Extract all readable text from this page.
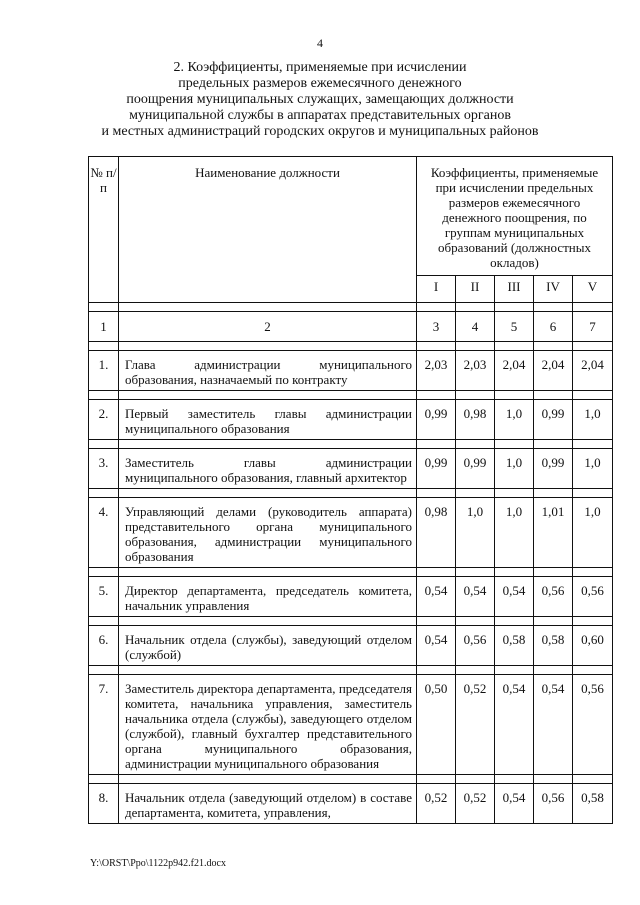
4
2. Коэффициенты, применяемые при исчислении
предельных размеров ежемесячного денежного
поощрения муниципальных служащих, замещающих должности
муниципальной службы в аппаратах представительных органов
и местных администраций городских округов и муниципальных районов
№ п/п	Наименование должности	Коэффициенты, применяемые при исчислении предельных размеров ежемесячного денежного поощрения, по группам муниципальных образований (должностных окладов)				
		I	II	III	IV	V

1	2	3	4	5	6	7

1.	Глава администрации муниципального образования, назначаемый по контракту	2,03	2,03	2,04	2,04	2,04

2.	Первый заместитель главы администрации муниципального образования	0,99	0,98	1,0	0,99	1,0

3.	Заместитель главы администрации муниципального образования, главный архитектор	0,99	0,99	1,0	0,99	1,0

4.	Управляющий делами (руководитель аппарата) представительного органа муниципального образования, администрации муниципального образования	0,98	1,0	1,0	1,01	1,0

5.	Директор департамента, председатель комитета, начальник управления	0,54	0,54	0,54	0,56	0,56

6.	Начальник отдела (службы), заведующий отделом (службой)	0,54	0,56	0,58	0,58	0,60

7.	Заместитель директора департамента, председателя комитета, начальника управления, заместитель начальника отдела (службы), заведующего отделом (службой), главный бухгалтер представительного органа муниципального образования, администрации муниципального образования	0,50	0,52	0,54	0,54	0,56

8.	Начальник отдела (заведующий отделом) в составе департамента, комитета, управления,	0,52	0,52	0,54	0,56	0,58
Y:\ORST\Ppo\1122p942.f21.docx
